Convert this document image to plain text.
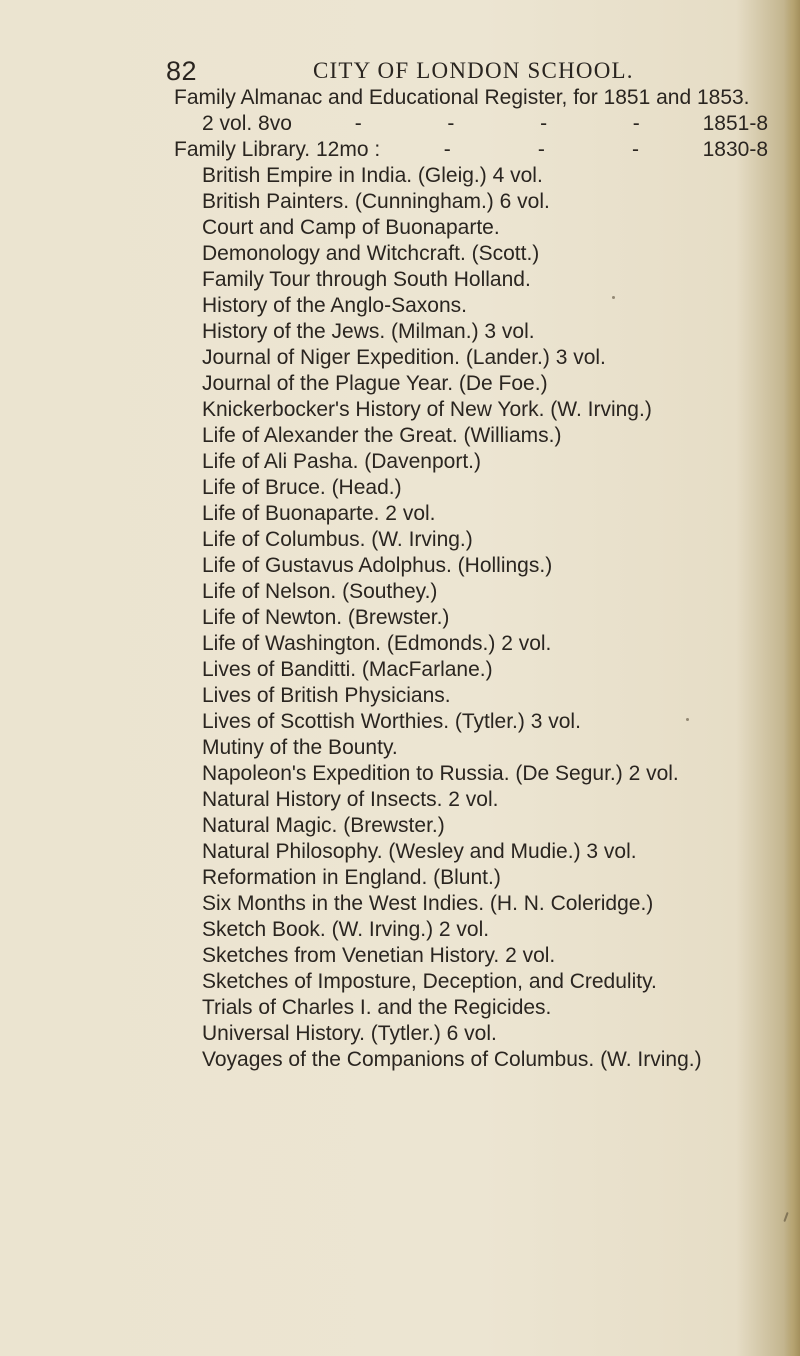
82	CITY OF LONDON SCHOOL.
Family Almanac and Educational Register, for 1851 and 1853.
2 vol. 8vo	-	-	-	-	1851-8
Family Library. 12mo :	-	-	-	1830-8
British Empire in India. (Gleig.) 4 vol.
British Painters. (Cunningham.) 6 vol.
Court and Camp of Buonaparte.
Demonology and Witchcraft. (Scott.)
Family Tour through South Holland.
History of the Anglo-Saxons.
History of the Jews. (Milman.) 3 vol.
Journal of Niger Expedition. (Lander.) 3 vol.
Journal of the Plague Year. (De Foe.)
Knickerbocker's History of New York. (W. Irving.)
Life of Alexander the Great. (Williams.)
Life of Ali Pasha. (Davenport.)
Life of Bruce. (Head.)
Life of Buonaparte. 2 vol.
Life of Columbus. (W. Irving.)
Life of Gustavus Adolphus. (Hollings.)
Life of Nelson. (Southey.)
Life of Newton. (Brewster.)
Life of Washington. (Edmonds.) 2 vol.
Lives of Banditti. (MacFarlane.)
Lives of British Physicians.
Lives of Scottish Worthies. (Tytler.) 3 vol.
Mutiny of the Bounty.
Napoleon's Expedition to Russia. (De Segur.) 2 vol.
Natural History of Insects. 2 vol.
Natural Magic. (Brewster.)
Natural Philosophy. (Wesley and Mudie.) 3 vol.
Reformation in England. (Blunt.)
Six Months in the West Indies. (H. N. Coleridge.)
Sketch Book. (W. Irving.) 2 vol.
Sketches from Venetian History. 2 vol.
Sketches of Imposture, Deception, and Credulity.
Trials of Charles I. and the Regicides.
Universal History. (Tytler.) 6 vol.
Voyages of the Companions of Columbus. (W. Irving.)
